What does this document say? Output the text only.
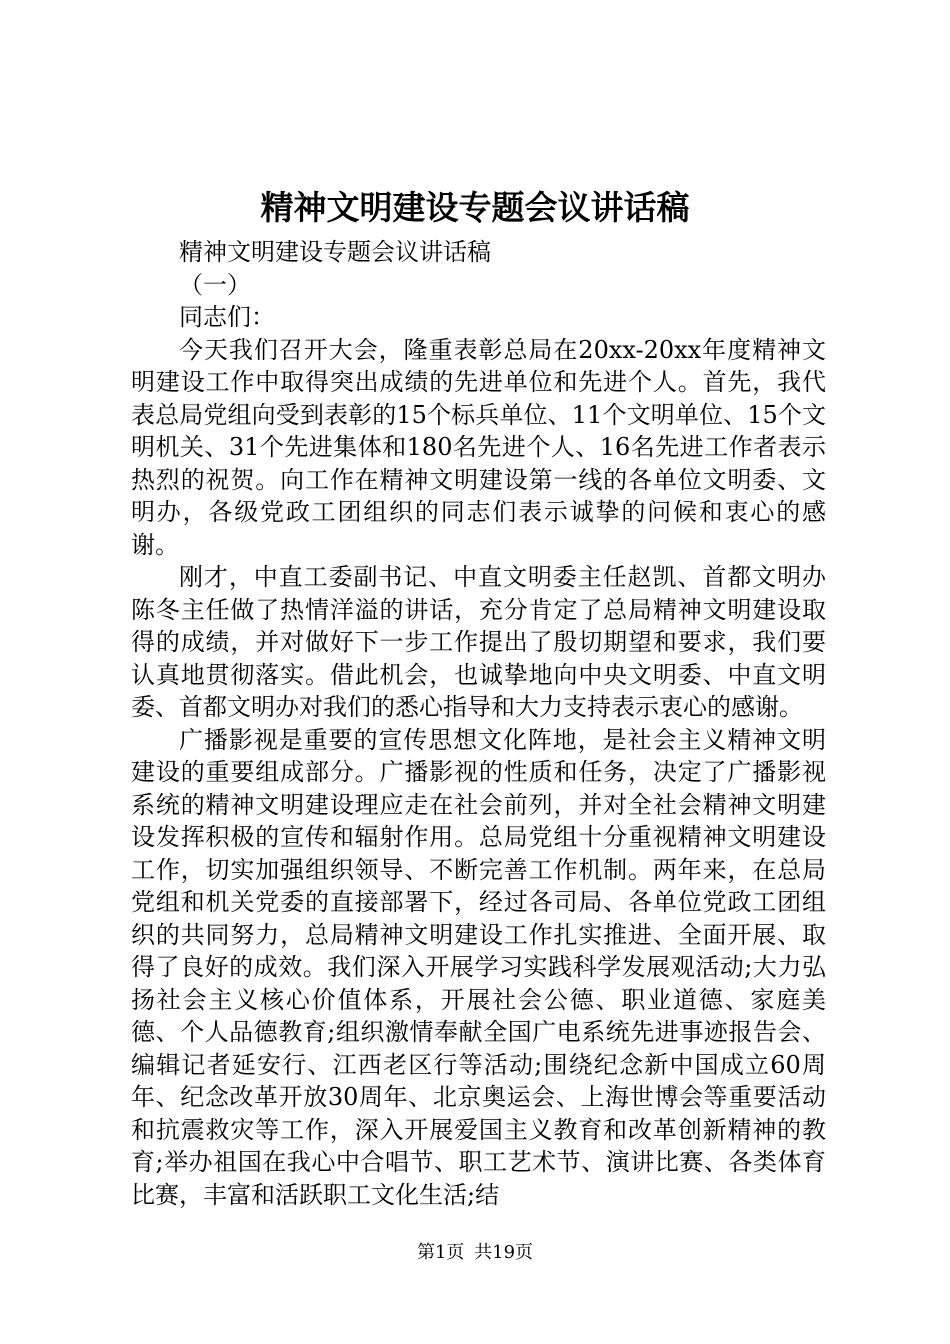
精神文明建设专题会议讲话稿

精神文明建设专题会议讲话稿

（一）

同志们：

今天我们召开大会，隆重表彰总局在20xx-20xx年度精神文明建设工作中取得突出成绩的先进单位和先进个人。首先，我代表总局党组向受到表彰的15个标兵单位、11个文明单位、15个文明机关、31个先进集体和180名先进个人、16名先进工作者表示热烈的祝贺。向工作在精神文明建设第一线的各单位文明委、文明办，各级党政工团组织的同志们表示诚挚的问候和衷心的感谢。

刚才，中直工委副书记、中直文明委主任赵凯、首都文明办陈冬主任做了热情洋溢的讲话，充分肯定了总局精神文明建设取得的成绩，并对做好下一步工作提出了殷切期望和要求，我们要认真地贯彻落实。借此机会，也诚挚地向中央文明委、中直文明委、首都文明办对我们的悉心指导和大力支持表示衷心的感谢。

广播影视是重要的宣传思想文化阵地，是社会主义精神文明建设的重要组成部分。广播影视的性质和任务，决定了广播影视系统的精神文明建设理应走在社会前列，并对全社会精神文明建设发挥积极的宣传和辐射作用。总局党组十分重视精神文明建设工作，切实加强组织领导、不断完善工作机制。两年来，在总局党组和机关党委的直接部署下，经过各司局、各单位党政工团组织的共同努力，总局精神文明建设工作扎实推进、全面开展、取得了良好的成效。我们深入开展学习实践科学发展观活动;大力弘扬社会主义核心价值体系，开展社会公德、职业道德、家庭美德、个人品德教育;组织激情奉献全国广电系统先进事迹报告会、编辑记者延安行、江西老区行等活动;围绕纪念新中国成立60周年、纪念改革开放30周年、北京奥运会、上海世博会等重要活动和抗震救灾等工作，深入开展爱国主义教育和改革创新精神的教育;举办祖国在我心中合唱节、职工艺术节、演讲比赛、各类体育比赛，丰富和活跃职工文化生活;结

第1页 共19页
